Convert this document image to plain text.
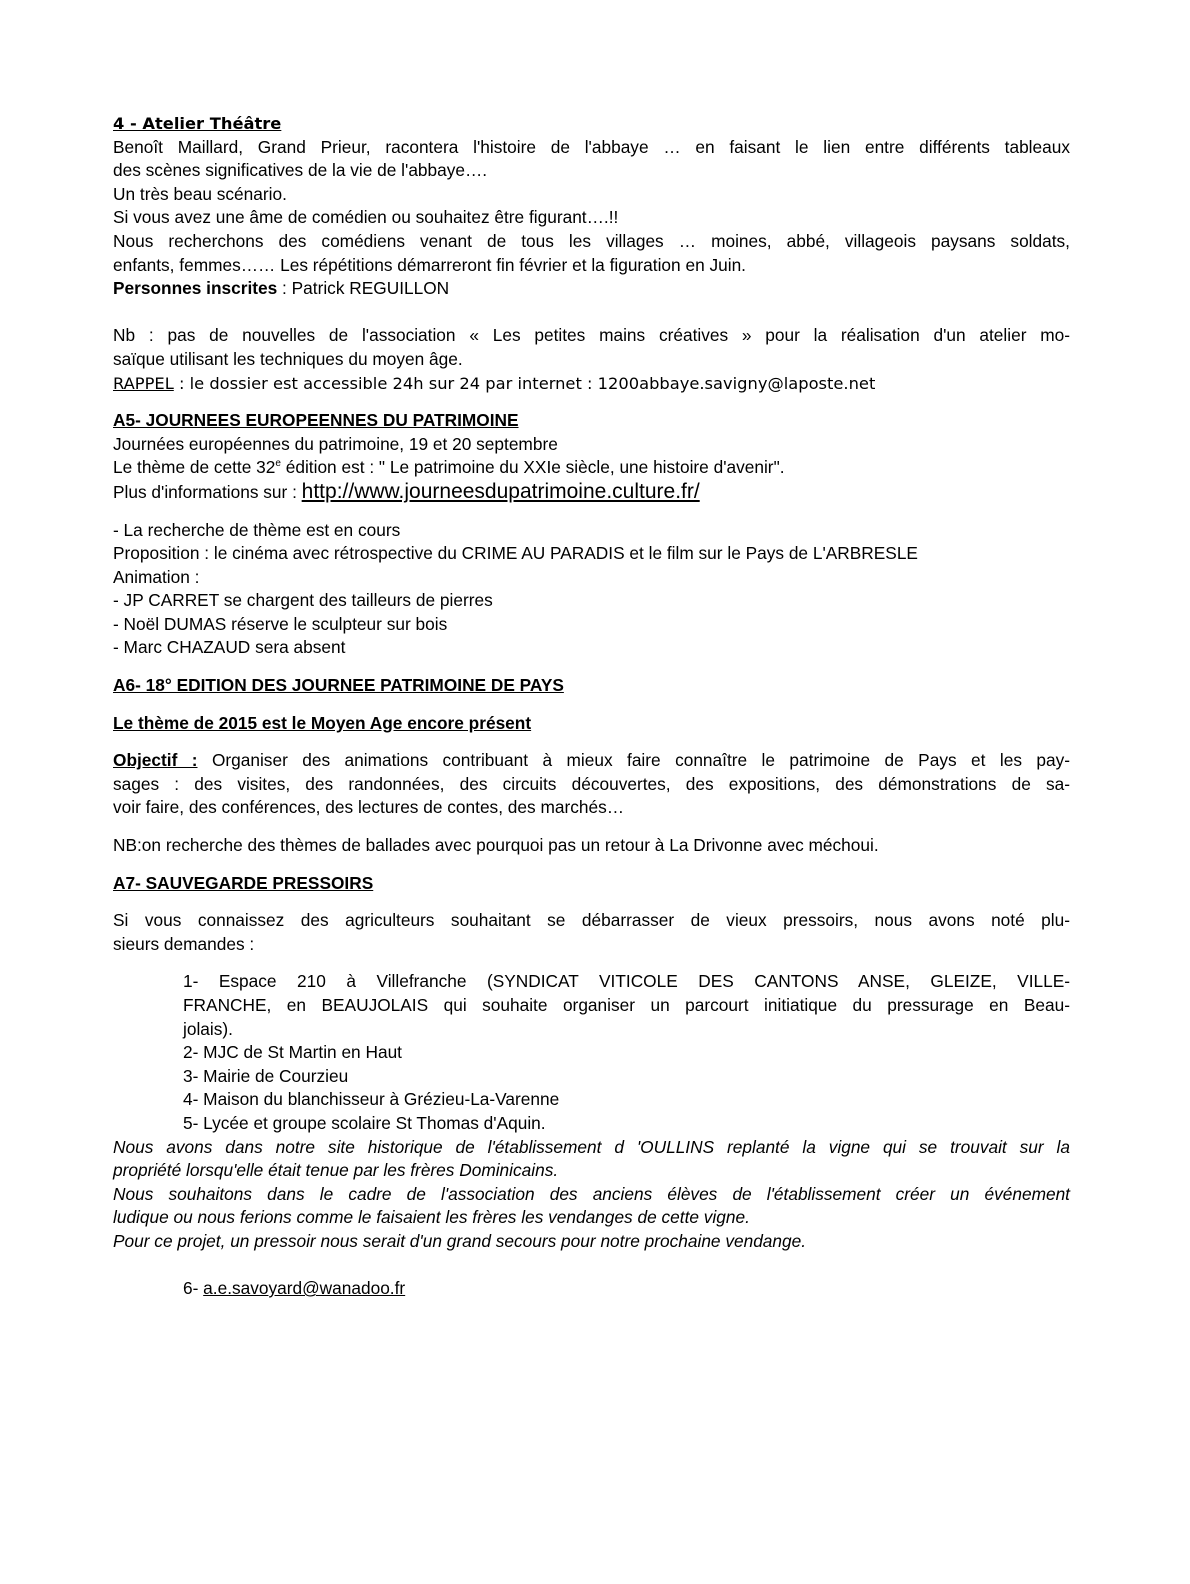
4 - Atelier Théâtre

Benoît Maillard, Grand Prieur, racontera l'histoire de l'abbaye … en faisant le lien entre différents tableaux

des scènes significatives de la vie de l'abbaye….

Un très beau scénario.

Si vous avez une âme de comédien ou souhaitez être figurant….!!

Nous recherchons des comédiens venant de tous les villages … moines, abbé, villageois paysans soldats,

enfants, femmes…… Les répétitions démarreront fin février et la figuration en Juin.

Personnes inscrites : Patrick REGUILLON

Nb : pas de nouvelles de l'association « Les petites mains créatives » pour la réalisation d'un atelier mo-

saïque utilisant les techniques du moyen âge.

RAPPEL : le dossier est accessible 24h sur 24 par internet : 1200abbaye.savigny@laposte.net

A5- JOURNEES EUROPEENNES DU PATRIMOINE

Journées européennes du patrimoine, 19 et 20 septembre

Le thème de cette 32e édition est : " Le patrimoine du XXIe siècle, une histoire d'avenir".

Plus d'informations sur : http://www.journeesdupatrimoine.culture.fr/

- La recherche de thème est en cours

Proposition : le cinéma avec rétrospective du CRIME AU PARADIS et le film sur le Pays de L'ARBRESLE

Animation :

- JP CARRET se chargent des tailleurs de pierres

- Noël DUMAS réserve le sculpteur sur bois

- Marc CHAZAUD sera absent

A6- 18° EDITION DES JOURNEE PATRIMOINE DE PAYS

Le thème de 2015 est le Moyen Age encore présent

Objectif : Organiser des animations contribuant à mieux faire connaître le patrimoine de Pays et les pay-

sages : des visites, des randonnées, des circuits découvertes, des expositions, des démonstrations de sa-

voir faire, des conférences, des lectures de contes, des marchés…

NB:on recherche des thèmes de ballades avec pourquoi pas un retour à La Drivonne avec méchoui.

A7- SAUVEGARDE PRESSOIRS

Si vous connaissez des agriculteurs souhaitant se débarrasser de vieux pressoirs, nous avons noté plu-

sieurs demandes :

1- Espace 210 à Villefranche (SYNDICAT VITICOLE DES CANTONS ANSE, GLEIZE, VILLE-

FRANCHE, en BEAUJOLAIS qui souhaite organiser un parcourt initiatique du pressurage en Beau-

jolais).

2- MJC de St Martin en Haut

3- Mairie de Courzieu

4- Maison du blanchisseur à Grézieu-La-Varenne

5- Lycée et groupe scolaire St Thomas d'Aquin.

Nous avons dans notre site historique de l'établissement d 'OULLINS replanté la vigne qui se trouvait sur la

propriété lorsqu'elle était tenue par les frères Dominicains.

Nous souhaitons dans le cadre de l'association des anciens élèves de l'établissement créer un événement

ludique ou nous ferions comme le faisaient les frères les vendanges de cette vigne.

Pour ce projet, un pressoir nous serait d'un grand secours pour notre prochaine vendange.

6- a.e.savoyard@wanadoo.fr
